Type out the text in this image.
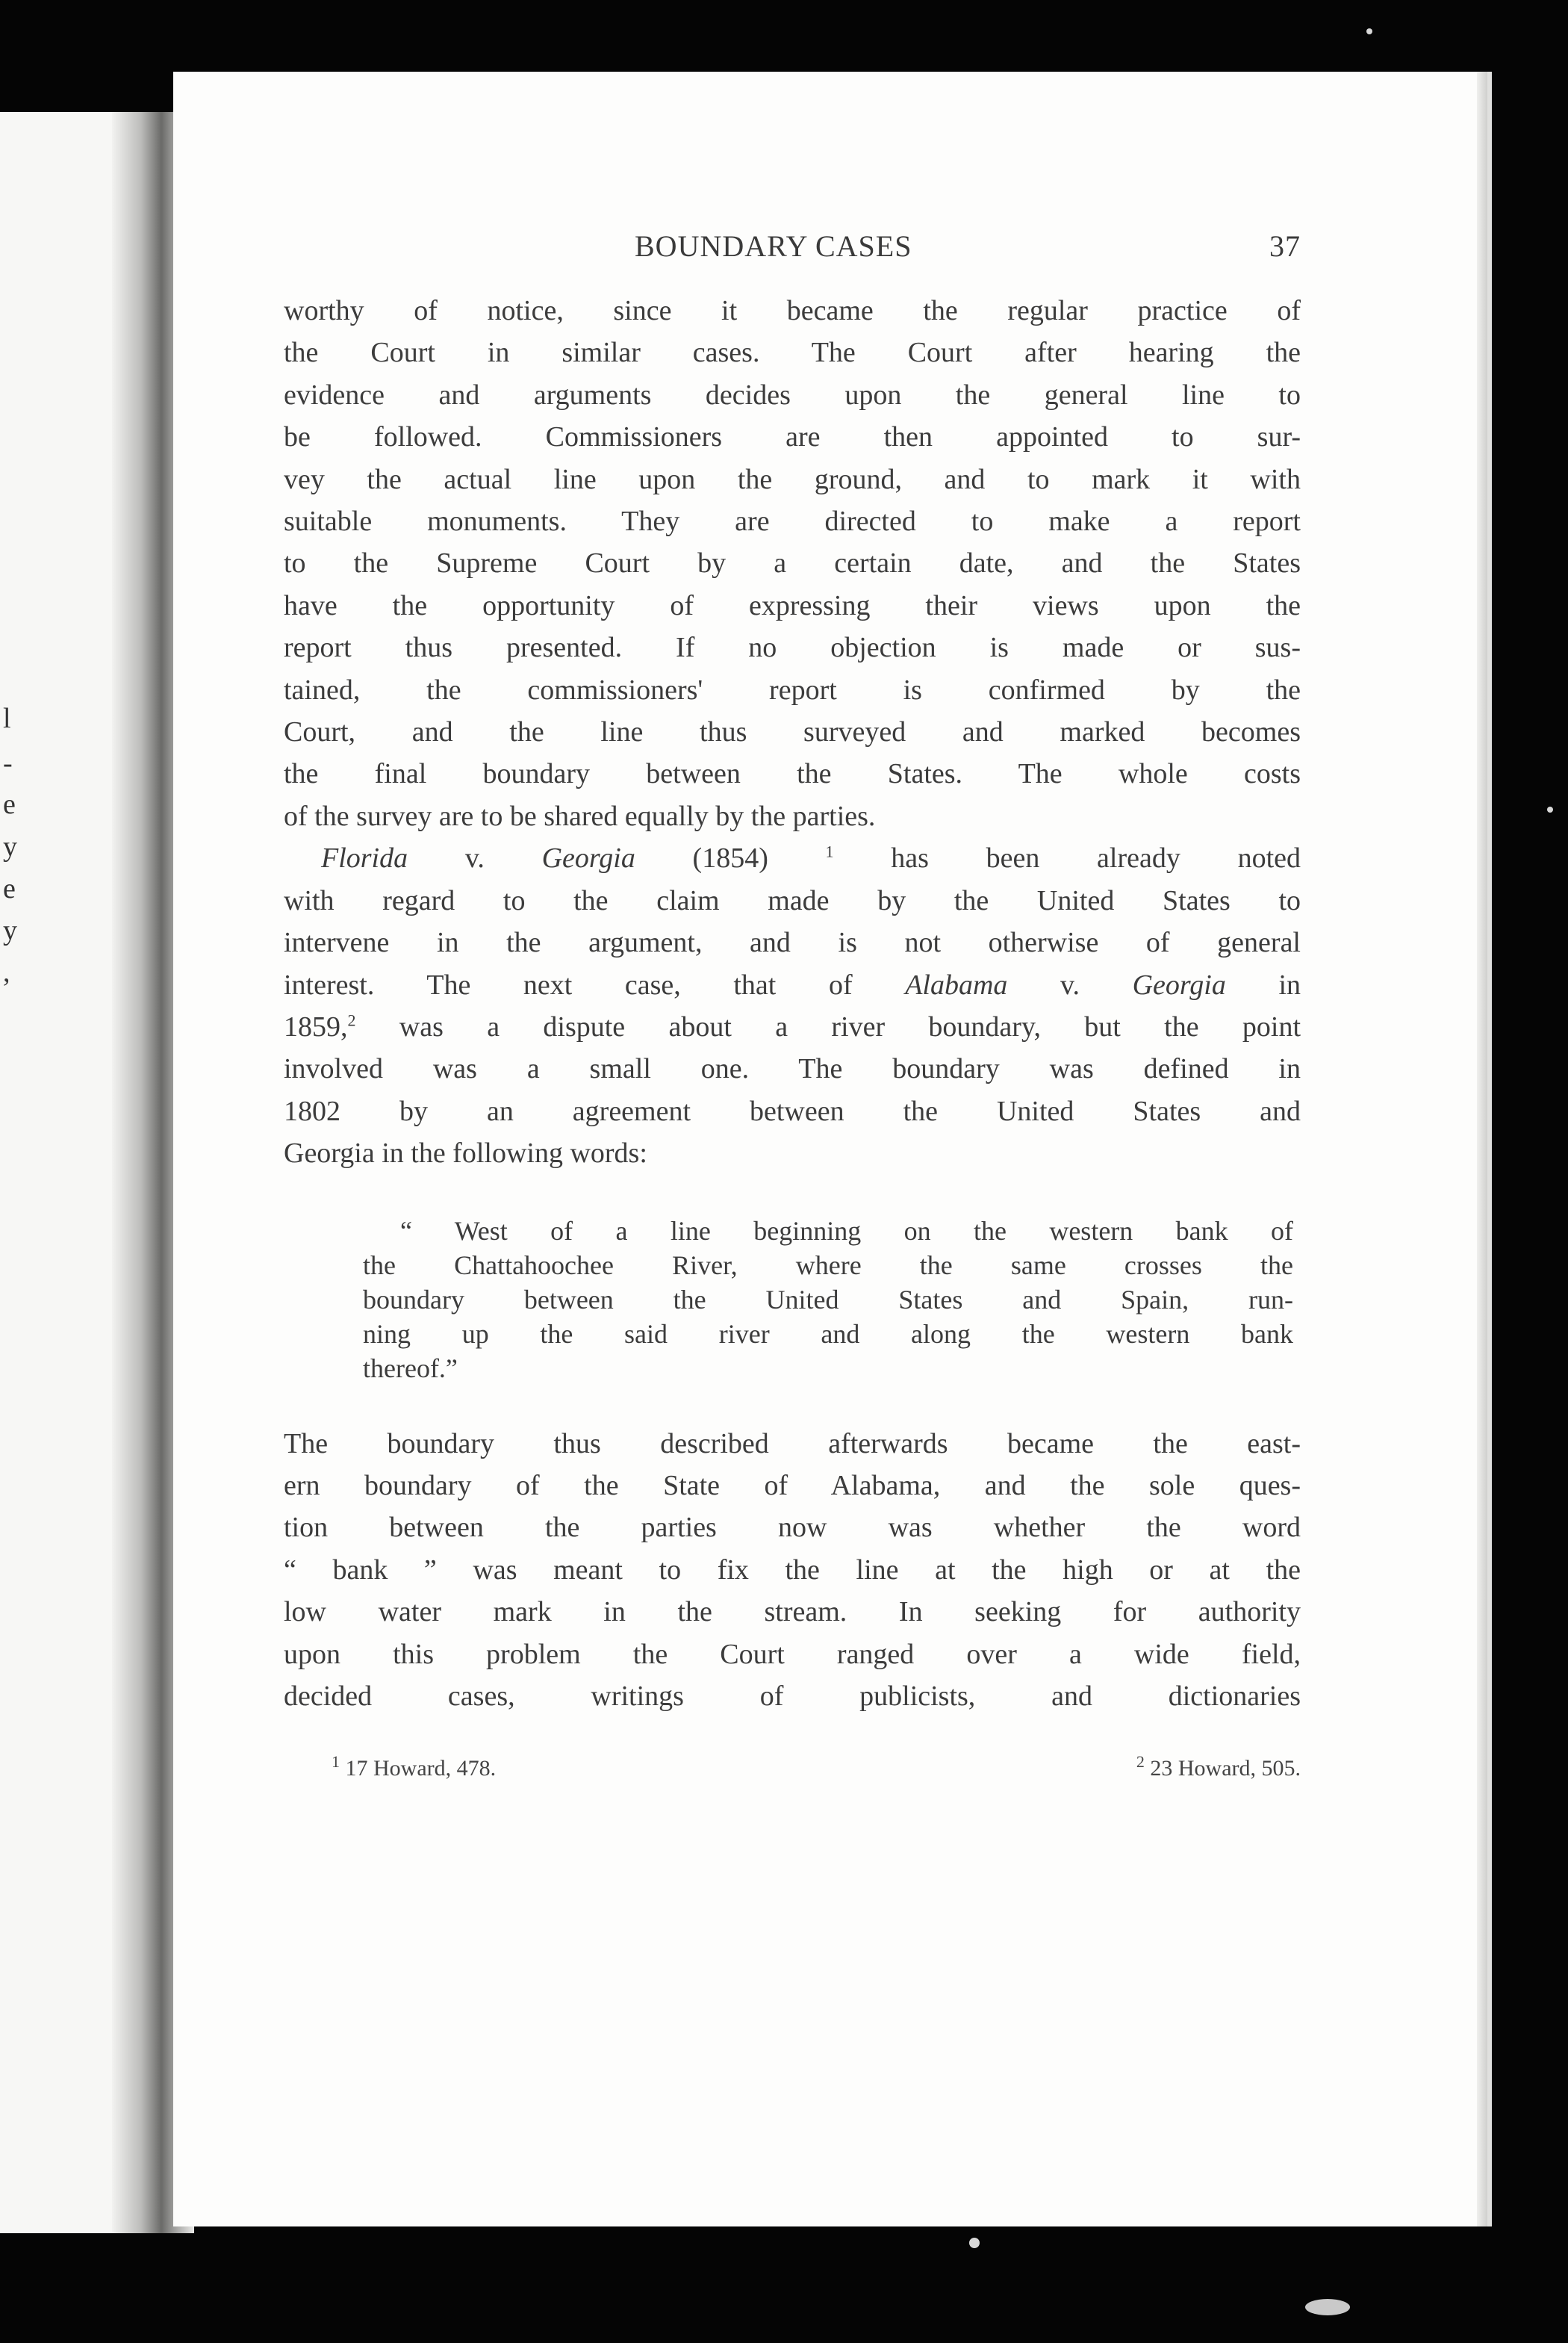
l
-
e
y
e
y
,
BOUNDARY CASES	37

worthy of notice, since it became the regular practice of
the Court in similar cases. The Court after hearing the
evidence and arguments decides upon the general line to
be followed. Commissioners are then appointed to sur-
vey the actual line upon the ground, and to mark it with
suitable monuments. They are directed to make a report
to the Supreme Court by a certain date, and the States
have the opportunity of expressing their views upon the
report thus presented. If no objection is made or sus-
tained, the commissioners' report is confirmed by the
Court, and the line thus surveyed and marked becomes
the final boundary between the States. The whole costs
of the survey are to be shared equally by the parties.

Florida v. Georgia (1854) $^1$ has been already noted
with regard to the claim made by the United States to
intervene in the argument, and is not otherwise of general
interest. The next case, that of Alabama v. Georgia in
1859,$^2$ was a dispute about a river boundary, but the point
involved was a small one. The boundary was defined in
1802 by an agreement between the United States and
Georgia in the following words:

“ West of a line beginning on the western bank of
the Chattahoochee River, where the same crosses the
boundary between the United States and Spain, run-
ning up the said river and along the western bank
thereof.”

The boundary thus described afterwards became the east-
ern boundary of the State of Alabama, and the sole ques-
tion between the parties now was whether the word
“ bank ” was meant to fix the line at the high or at the
low water mark in the stream. In seeking for authority
upon this problem the Court ranged over a wide field,
decided cases, writings of publicists, and dictionaries

$^1$ 17 Howard, 478.	$^2$ 23 Howard, 505.
